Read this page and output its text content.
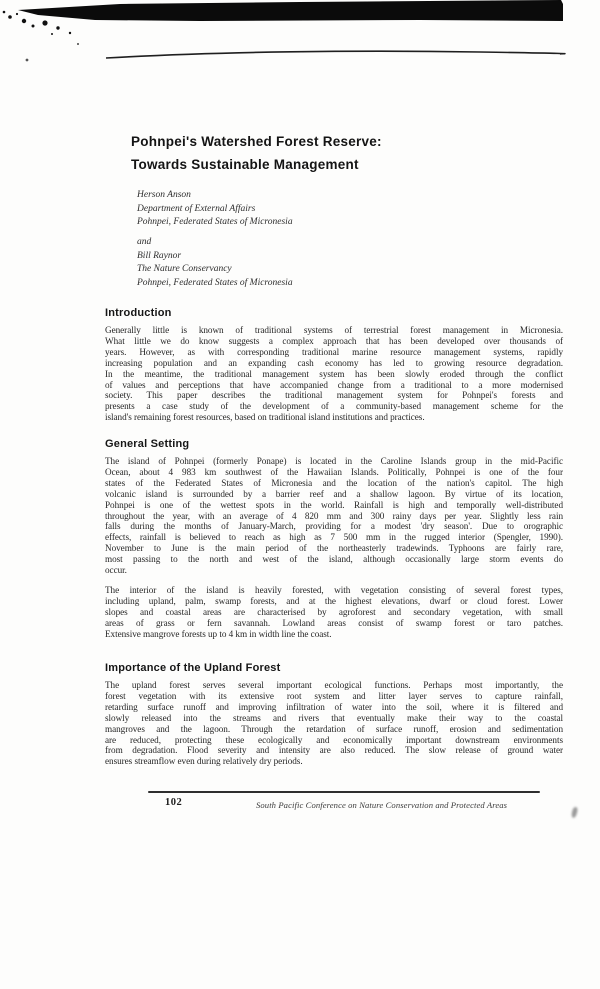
Pohnpei's Watershed Forest Reserve:
Towards Sustainable Management
Herson Anson
Department of External Affairs
Pohnpei, Federated States of Micronesia
and
Bill Raynor
The Nature Conservancy
Pohnpei, Federated States of Micronesia
Introduction
Generally little is known of traditional systems of terrestrial forest management in Micronesia.
What little we do know suggests a complex approach that has been developed over thousands of
years. However, as with corresponding traditional marine resource management systems, rapidly
increasing population and an expanding cash economy has led to growing resource degradation.
In the meantime, the traditional management system has been slowly eroded through the conflict
of values and perceptions that have accompanied change from a traditional to a more modernised
society. This paper describes the traditional management system for Pohnpei's forests and
presents a case study of the development of a community-based management scheme for the
island's remaining forest resources, based on traditional island institutions and practices.
General Setting
The island of Pohnpei (formerly Ponape) is located in the Caroline Islands group in the mid-Pacific
Ocean, about 4 983 km southwest of the Hawaiian Islands. Politically, Pohnpei is one of the four
states of the Federated States of Micronesia and the location of the nation's capitol. The high
volcanic island is surrounded by a barrier reef and a shallow lagoon. By virtue of its location,
Pohnpei is one of the wettest spots in the world. Rainfall is high and temporally well-distributed
throughout the year, with an average of 4 820 mm and 300 rainy days per year. Slightly less rain
falls during the months of January-March, providing for a modest 'dry season'. Due to orographic
effects, rainfall is believed to reach as high as 7 500 mm in the rugged interior (Spengler, 1990).
November to June is the main period of the northeasterly tradewinds. Typhoons are fairly rare,
most passing to the north and west of the island, although occasionally large storm events do
occur.
The interior of the island is heavily forested, with vegetation consisting of several forest types,
including upland, palm, swamp forests, and at the highest elevations, dwarf or cloud forest. Lower
slopes and coastal areas are characterised by agroforest and secondary vegetation, with small
areas of grass or fern savannah. Lowland areas consist of swamp forest or taro patches.
Extensive mangrove forests up to 4 km in width line the coast.
Importance of the Upland Forest
The upland forest serves several important ecological functions. Perhaps most importantly, the
forest vegetation with its extensive root system and litter layer serves to capture rainfall,
retarding surface runoff and improving infiltration of water into the soil, where it is filtered and
slowly released into the streams and rivers that eventually make their way to the coastal
mangroves and the lagoon. Through the retardation of surface runoff, erosion and sedimentation
are reduced, protecting these ecologically and economically important downstream environments
from degradation. Flood severity and intensity are also reduced. The slow release of ground water
ensures streamflow even during relatively dry periods.
102	South Pacific Conference on Nature Conservation and Protected Areas
